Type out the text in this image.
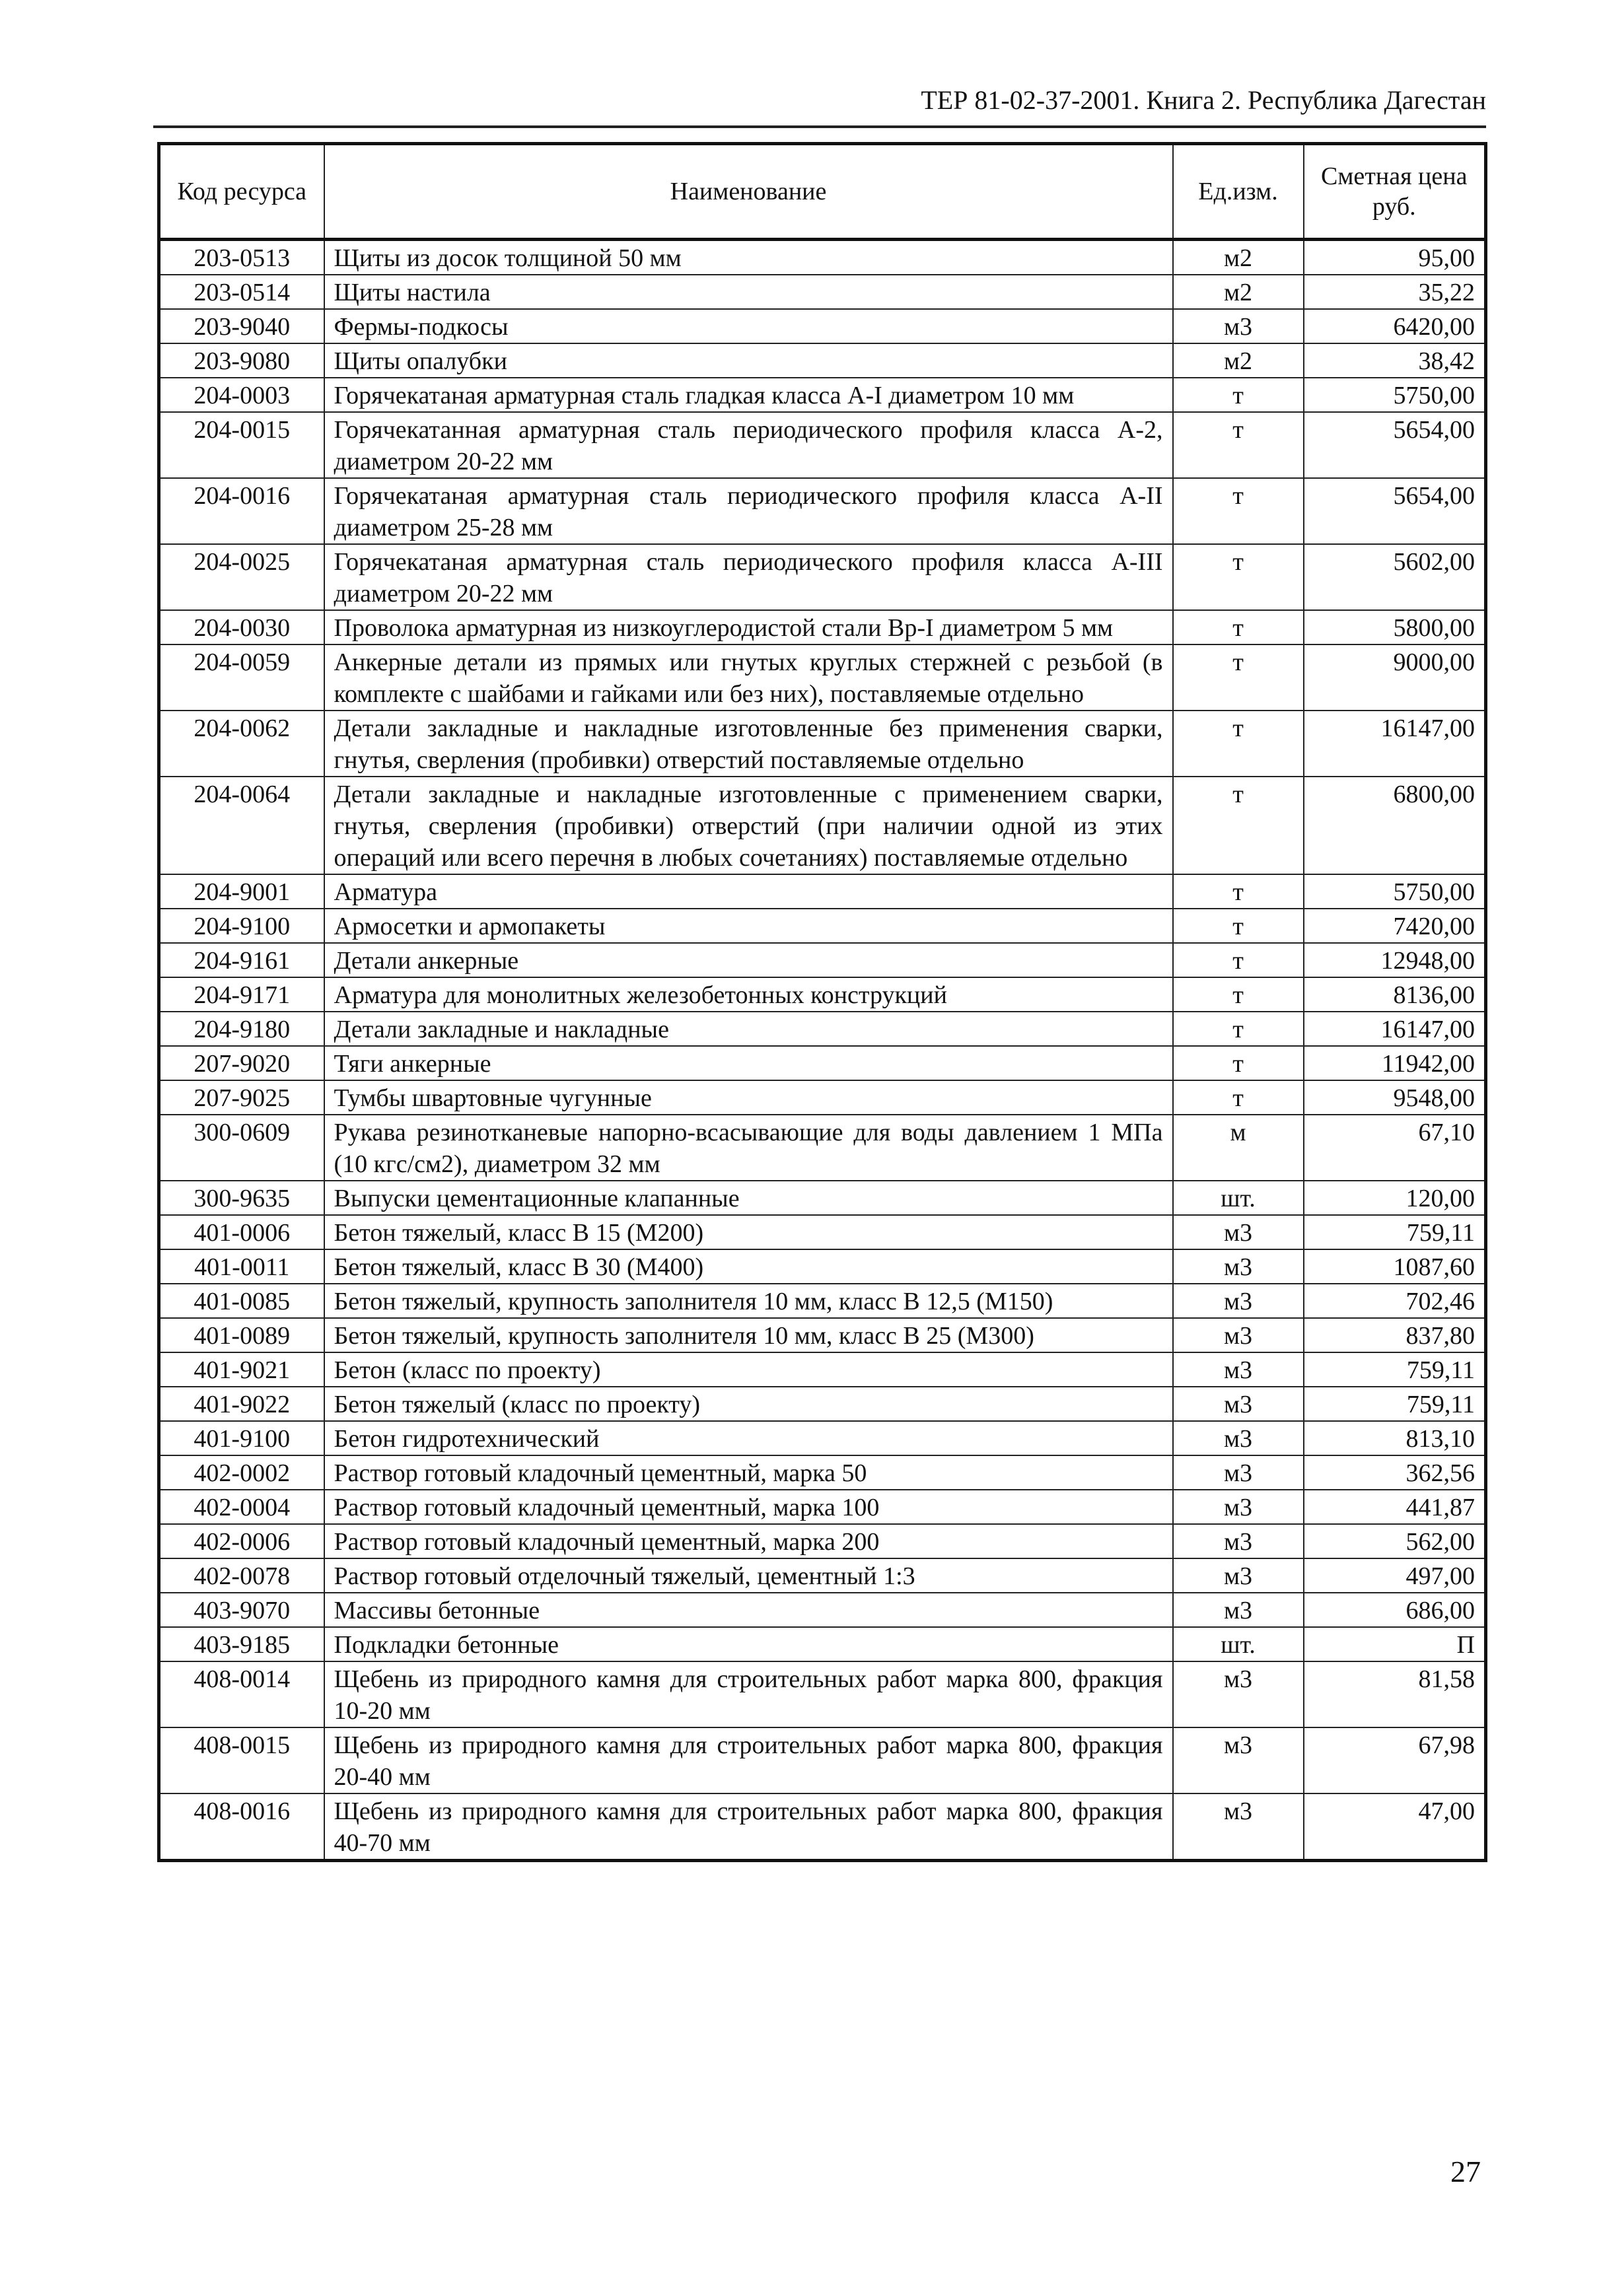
ТЕР 81-02-37-2001. Книга 2. Республика Дагестан
Код ресурса	Наименование	Ед.изм.	Сметная цена
руб.
203-0513	Щиты из досок толщиной 50 мм	м2	95,00
203-0514	Щиты настила	м2	35,22
203-9040	Фермы-подкосы	м3	6420,00
203-9080	Щиты опалубки	м2	38,42
204-0003	Горячекатаная арматурная сталь гладкая класса А-I диаметром 10 мм	т	5750,00
204-0015	Горячекатанная арматурная сталь периодического профиля класса А-2, диаметром 20-22 мм	т	5654,00
204-0016	Горячекатаная арматурная сталь периодического профиля класса А-II диаметром 25-28 мм	т	5654,00
204-0025	Горячекатаная арматурная сталь периодического профиля класса А-III диаметром 20-22 мм	т	5602,00
204-0030	Проволока арматурная из низкоуглеродистой стали Вр-I диаметром 5 мм	т	5800,00
204-0059	Анкерные детали из прямых или гнутых круглых стержней с резьбой (в комплекте с шайбами и гайками или без них), поставляемые отдельно	т	9000,00
204-0062	Детали закладные и накладные изготовленные без применения сварки, гнутья, сверления (пробивки) отверстий поставляемые отдельно	т	16147,00
204-0064	Детали закладные и накладные изготовленные с применением сварки, гнутья, сверления (пробивки) отверстий (при наличии одной из этих операций или всего перечня в любых сочетаниях) поставляемые отдельно	т	6800,00
204-9001	Арматура	т	5750,00
204-9100	Армосетки и армопакеты	т	7420,00
204-9161	Детали анкерные	т	12948,00
204-9171	Арматура для монолитных железобетонных конструкций	т	8136,00
204-9180	Детали закладные и накладные	т	16147,00
207-9020	Тяги анкерные	т	11942,00
207-9025	Тумбы швартовные чугунные	т	9548,00
300-0609	Рукава резинотканевые напорно-всасывающие для воды давлением 1 МПа (10 кгс/см2), диаметром 32 мм	м	67,10
300-9635	Выпуски цементационные клапанные	шт.	120,00
401-0006	Бетон тяжелый, класс В 15 (М200)	м3	759,11
401-0011	Бетон тяжелый, класс В 30 (М400)	м3	1087,60
401-0085	Бетон тяжелый, крупность заполнителя 10 мм, класс В 12,5 (М150)	м3	702,46
401-0089	Бетон тяжелый, крупность заполнителя 10 мм, класс В 25 (М300)	м3	837,80
401-9021	Бетон (класс по проекту)	м3	759,11
401-9022	Бетон тяжелый (класс по проекту)	м3	759,11
401-9100	Бетон гидротехнический	м3	813,10
402-0002	Раствор готовый кладочный цементный, марка 50	м3	362,56
402-0004	Раствор готовый кладочный цементный, марка 100	м3	441,87
402-0006	Раствор готовый кладочный цементный, марка 200	м3	562,00
402-0078	Раствор готовый отделочный тяжелый, цементный 1:3	м3	497,00
403-9070	Массивы бетонные	м3	686,00
403-9185	Подкладки бетонные	шт.	П
408-0014	Щебень из природного камня для строительных работ марка 800, фракция 10-20 мм	м3	81,58
408-0015	Щебень из природного камня для строительных работ марка 800, фракция 20-40 мм	м3	67,98
408-0016	Щебень из природного камня для строительных работ марка 800, фракция 40-70 мм	м3	47,00
27
